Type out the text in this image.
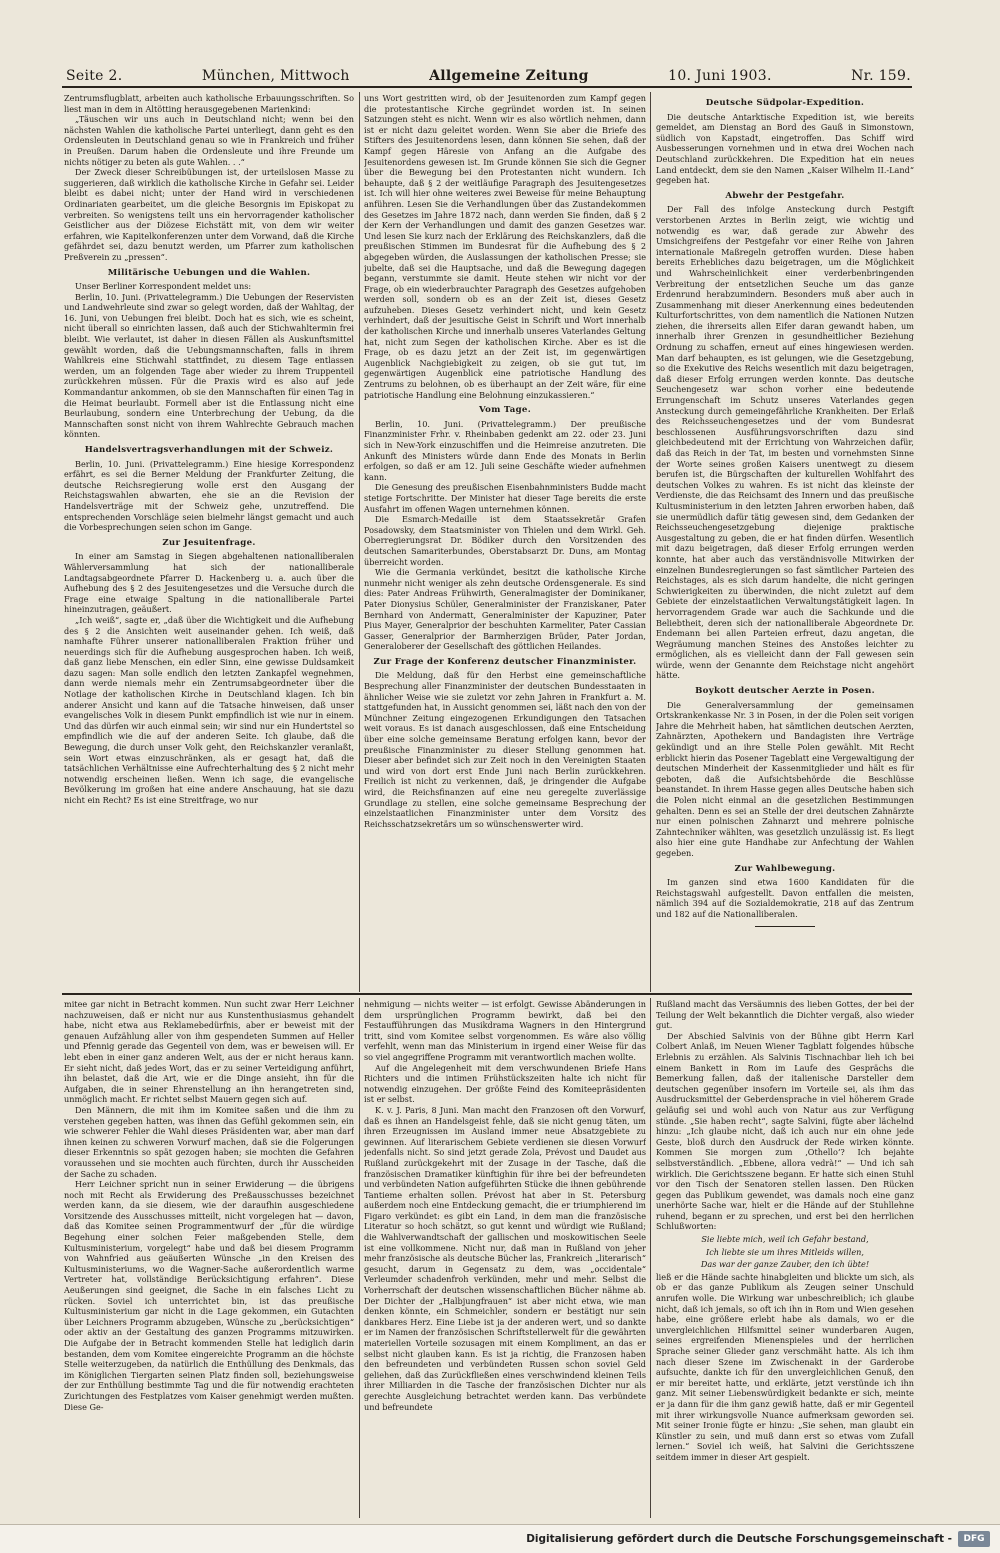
Seite 2.	München, Mittwoch	Allgemeine Zeitung	10. Juni 1903.	Nr. 159.

Zentrumsflugblatt, arbeiten auch katholische Erbauungsschriften. So liest man in dem in Altötting herausgegebenen Marienkind:

„Täuschen wir uns auch in Deutschland nicht; wenn bei den nächsten Wahlen die katholische Partei unterliegt, dann geht es den Ordensleuten in Deutschland genau so wie in Frankreich und früher in Preußen. Darum haben die Ordensleute und ihre Freunde um nichts nötiger zu beten als gute Wahlen. . .“

Der Zweck dieser Schreibübungen ist, der urteilslosen Masse zu suggerieren, daß wirklich die katholische Kirche in Gefahr sei. Leider bleibt es dabei nicht; unter der Hand wird in verschiedenen Ordinariaten gearbeitet, um die gleiche Besorgnis im Episkopat zu verbreiten. So wenigstens teilt uns ein hervorragender katholischer Geistlicher aus der Diözese Eichstätt mit, von dem wir weiter erfahren, wie Kapitelkonferenzen unter dem Vorwand, daß die Kirche gefährdet sei, dazu benutzt werden, um Pfarrer zum katholischen Preßverein zu „pressen“.

Militärische Uebungen und die Wahlen.

Unser Berliner Korrespondent meldet uns:

Berlin, 10. Juni. (Privattelegramm.) Die Uebungen der Reservisten und Landwehrleute sind zwar so gelegt worden, daß der Wahltag, der 16. Juni, von Uebungen frei bleibt. Doch hat es sich, wie es scheint, nicht überall so einrichten lassen, daß auch der Stichwahltermin frei bleibt. Wie verlautet, ist daher in diesen Fällen als Auskunftsmittel gewählt worden, daß die Uebungsmannschaften, falls in ihrem Wahlkreis eine Stichwahl stattfindet, zu diesem Tage entlassen werden, um an folgenden Tage aber wieder zu ihrem Truppenteil zurückkehren müssen. Für die Praxis wird es also auf jede Kommandantur ankommen, ob sie den Mannschaften für einen Tag in die Heimat beurlaubt. Formell aber ist die Entlassung nicht eine Beurlaubung, sondern eine Unterbrechung der Uebung, da die Mannschaften sonst nicht von ihrem Wahlrechte Gebrauch machen könnten.

Handelsvertragsverhandlungen mit der Schweiz.

Berlin, 10. Juni. (Privattelegramm.) Eine hiesige Korrespondenz erfährt, es sei die Berner Meldung der Frankfurter Zeitung, die deutsche Reichsregierung wolle erst den Ausgang der Reichstagswahlen abwarten, ehe sie an die Revision der Handelsverträge mit der Schweiz gehe, unzutreffend. Die entsprechenden Vorschläge seien bielmehr längst gemacht und auch die Vorbesprechungen seien schon im Gange.

Zur Jesuitenfrage.

In einer am Samstag in Siegen abgehaltenen nationalliberalen Wählerversammlung hat sich der nationalliberale Landtagsabgeordnete Pfarrer D. Hackenberg u. a. auch über die Aufhebung des § 2 des Jesuitengesetzes und die Versuche durch die Frage eine etwaige Spaltung in die nationalliberale Partei hineinzutragen, geäußert.

„Ich weiß“, sagte er, „daß über die Wichtigkeit und die Aufhebung des § 2 die Ansichten weit auseinander gehen. Ich weiß, daß namhafte Führer unserer nationalliberalen Fraktion früher und neuerdings sich für die Aufhebung ausgesprochen haben. Ich weiß, daß ganz liebe Menschen, ein edler Sinn, eine gewisse Duldsamkeit dazu sagen: Man solle endlich den letzten Zankapfel wegnehmen, dann werde niemals mehr ein Zentrumsabgeordneter über die Notlage der katholischen Kirche in Deutschland klagen. Ich bin anderer Ansicht und kann auf die Tatsache hinweisen, daß unser evangelisches Volk in diesem Punkt empfindlich ist wie nur in einem. Und das dürfen wir auch einmal sein; wir sind nur ein Hundertstel so empfindlich wie die auf der anderen Seite. Ich glaube, daß die Bewegung, die durch unser Volk geht, den Reichskanzler veranlaßt, sein Wort etwas einzuschränken, als er gesagt hat, daß die tatsächlichen Verhältnisse eine Aufrechterhaltung des § 2 nicht mehr notwendig erscheinen ließen. Wenn ich sage, die evangelische Bevölkerung im großen hat eine andere Anschauung, hat sie dazu nicht ein Recht? Es ist eine Streitfrage, wo nur

uns Wort gestritten wird, ob der Jesuitenorden zum Kampf gegen die protestantische Kirche gegründet worden ist. In seinen Satzungen steht es nicht. Wenn wir es also wörtlich nehmen, dann ist er nicht dazu geleitet worden. Wenn Sie aber die Briefe des Stifters des Jesuitenordens lesen, dann können Sie sehen, daß der Kampf gegen Häresie von Anfang an die Aufgabe des Jesuitenordens gewesen ist. Im Grunde können Sie sich die Gegner über die Bewegung bei den Protestanten nicht wundern. Ich behaupte, daß § 2 der weitläufige Paragraph des Jesuitengesetzes ist. Ich will hier ohne weiteres zwei Beweise für meine Behauptung anführen. Lesen Sie die Verhandlungen über das Zustandekommen des Gesetzes im Jahre 1872 nach, dann werden Sie finden, daß § 2 der Kern der Verhandlungen und damit des ganzen Gesetzes war. Und lesen Sie kurz nach der Erklärung des Reichskanzlers, daß die preußischen Stimmen im Bundesrat für die Aufhebung des § 2 abgegeben würden, die Auslassungen der katholischen Presse; sie jubelte, daß sei die Hauptsache, und daß die Bewegung dagegen begann, verstummte sie damit. Heute stehen wir nicht vor der Frage, ob ein wiederbrauchter Paragraph des Gesetzes aufgehoben werden soll, sondern ob es an der Zeit ist, dieses Gesetz aufzuheben. Dieses Gesetz verhindert nicht, und kein Gesetz verhindert, daß der jesuitische Geist in Schrift und Wort innerhalb der katholischen Kirche und innerhalb unseres Vaterlandes Geltung hat, nicht zum Segen der katholischen Kirche. Aber es ist die Frage, ob es dazu jetzt an der Zeit ist, im gegenwärtigen Augenblick Nachgiebigkeit zu zeigen, ob sie gut tut, im gegenwärtigen Augenblick eine patriotische Handlung des Zentrums zu belohnen, ob es überhaupt an der Zeit wäre, für eine patriotische Handlung eine Belohnung einzukassieren.“

Vom Tage.

Berlin, 10. Juni. (Privattelegramm.) Der preußische Finanzminister Frhr. v. Rheinbaben gedenkt am 22. oder 23. Juni sich in New-York einzuschiffen und die Heimreise anzutreten. Die Ankunft des Ministers würde dann Ende des Monats in Berlin erfolgen, so daß er am 12. Juli seine Geschäfte wieder aufnehmen kann.

Die Genesung des preußischen Eisenbahnministers Budde macht stetige Fortschritte. Der Minister hat dieser Tage bereits die erste Ausfahrt im offenen Wagen unternehmen können.

Die Esmarch-Medaille ist dem Staatssekretär Grafen Posadowsky, dem Staatsminister von Thielen und dem Wirkl. Geh. Oberregierungsrat Dr. Bödiker durch den Vorsitzenden des deutschen Samariterbundes, Oberstabsarzt Dr. Duns, am Montag überreicht worden.

Wie die Germania verkündet, besitzt die katholische Kirche nunmehr nicht weniger als zehn deutsche Ordensgenerale. Es sind dies: Pater Andreas Frühwirth, Generalmagister der Dominikaner, Pater Dionysius Schüler, Generalminister der Franziskaner, Pater Bernhard von Andermatt, Generalminister der Kapuziner, Pater Pius Mayer, Generalprior der beschuhten Karmeliter, Pater Cassian Gasser, Generalprior der Barmherzigen Brüder, Pater Jordan, Generaloberer der Gesellschaft des göttlichen Heilandes.

Zur Frage der Konferenz deutscher Finanzminister.

Die Meldung, daß für den Herbst eine gemeinschaftliche Besprechung aller Finanzminister der deutschen Bundesstaaten in ähnlicher Weise wie sie zuletzt vor zehn Jahren in Frankfurt a. M. stattgefunden hat, in Aussicht genommen sei, läßt nach den von der Münchner Zeitung eingezogenen Erkundigungen den Tatsachen weit voraus. Es ist danach ausgeschlossen, daß eine Entscheidung über eine solche gemeinsame Beratung erfolgen kann, bevor der preußische Finanzminister zu dieser Stellung genommen hat. Dieser aber befindet sich zur Zeit noch in den Vereinigten Staaten und wird von dort erst Ende Juni nach Berlin zurückkehren. Freilich ist nicht zu verkennen, daß, je dringender die Aufgabe wird, die Reichsfinanzen auf eine neu geregelte zuverlässige Grundlage zu stellen, eine solche gemeinsame Besprechung der einzelstaatlichen Finanzminister unter dem Vorsitz des Reichsschatzsekretärs um so wünschenswerter wird.

Deutsche Südpolar-Expedition.

Die deutsche Antarktische Expedition ist, wie bereits gemeldet, am Dienstag an Bord des Gauß in Simonstown, südlich von Kapstadt, eingetroffen. Das Schiff wird Ausbesserungen vornehmen und in etwa drei Wochen nach Deutschland zurückkehren. Die Expedition hat ein neues Land entdeckt, dem sie den Namen „Kaiser Wilhelm II.-Land“ gegeben hat.

Abwehr der Pestgefahr.

Der Fall des infolge Ansteckung durch Pestgift verstorbenen Arztes in Berlin zeigt, wie wichtig und notwendig es war, daß gerade zur Abwehr des Umsichgreifens der Pestgefahr vor einer Reihe von Jahren internationale Maßregeln getroffen wurden. Diese haben bereits Erhebliches dazu beigetragen, um die Möglichkeit und Wahrscheinlichkeit einer verderbenbringenden Verbreitung der entsetzlichen Seuche um das ganze Erdenrund herabzumindern. Besonders muß aber auch in Zusammenhang mit dieser Anerkennung eines bedeutenden Kulturfortschrittes, von dem namentlich die Nationen Nutzen ziehen, die ihrerseits allen Eifer daran gewandt haben, um innerhalb ihrer Grenzen in gesundheitlicher Beziehung Ordnung zu schaffen, erneut auf eines hingewiesen werden. Man darf behaupten, es ist gelungen, wie die Gesetzgebung, so die Exekutive des Reichs wesentlich mit dazu beigetragen, daß dieser Erfolg errungen werden konnte. Das deutsche Seuchengesetz war schon vorher eine bedeutende Errungenschaft im Schutz unseres Vaterlandes gegen Ansteckung durch gemeingefährliche Krankheiten. Der Erlaß des Reichsseuchengesetzes und der vom Bundesrat beschlossenen Ausführungsvorschriften dazu sind gleichbedeutend mit der Errichtung von Wahrzeichen dafür, daß das Reich in der Tat, im besten und vornehmsten Sinne der Worte seines großen Kaisers unentwegt zu diesem berufen ist, die Bürgschaften der kulturellen Wohlfahrt des deutschen Volkes zu wahren. Es ist nicht das kleinste der Verdienste, die das Reichsamt des Innern und das preußische Kultusministerium in den letzten Jahren erworben haben, daß sie unermüdlich dafür tätig gewesen sind, dem Gedanken der Reichsseuchengesetzgebung diejenige praktische Ausgestaltung zu geben, die er hat finden dürfen. Wesentlich mit dazu beigetragen, daß dieser Erfolg errungen werden konnte, hat aber auch das verständnisvolle Mitwirken der einzelnen Bundesregierungen so fast sämtlicher Parteien des Reichstages, als es sich darum handelte, die nicht geringen Schwierigkeiten zu überwinden, die nicht zuletzt auf dem Gebiete der einzelstaatlichen Verwaltungstätigkeit lagen. In hervorragendem Grade war auch die Sachkunde und die Beliebtheit, deren sich der nationalliberale Abgeordnete Dr. Endemann bei allen Parteien erfreut, dazu angetan, die Wegräumung manchen Steines des Anstoßes leichter zu ermöglichen, als es vielleicht dann der Fall gewesen sein würde, wenn der Genannte dem Reichstage nicht angehört hätte.

Boykott deutscher Aerzte in Posen.

Die Generalversammlung der gemeinsamen Ortskrankenkasse Nr. 3 in Posen, in der die Polen seit vorigen Jahre die Mehrheit haben, hat sämtlichen deutschen Aerzten, Zahnärzten, Apothekern und Bandagisten ihre Verträge gekündigt und an ihre Stelle Polen gewählt. Mit Recht erblickt hierin das Posener Tageblatt eine Vergewaltigung der deutschen Minderheit der Kassenmitglieder und hält es für geboten, daß die Aufsichtsbehörde die Beschlüsse beanstandet. In ihrem Hasse gegen alles Deutsche haben sich die Polen nicht einmal an die gesetzlichen Bestimmungen gehalten. Denn es sei an Stelle der drei deutschen Zahnärzte nur einen polnischen Zahnarzt und mehrere polnische Zahntechniker wählten, was gesetzlich unzulässig ist. Es liegt also hier eine gute Handhabe zur Anfechtung der Wahlen gegeben.

Zur Wahlbewegung.

Im ganzen sind etwa 1600 Kandidaten für die Reichstagswahl aufgestellt. Davon entfallen die meisten, nämlich 394 auf die Sozialdemokratie, 218 auf das Zentrum und 182 auf die Nationalliberalen.

mitee gar nicht in Betracht kommen. Nun sucht zwar Herr Leichner nachzuweisen, daß er nicht nur aus Kunstenthusiasmus gehandelt habe, nicht etwa aus Reklamebedürfnis, aber er beweist mit der genauen Aufzählung aller von ihm gespendeten Summen auf Heller und Pfennig gerade das Gegenteil von dem, was er beweisen will. Er lebt eben in einer ganz anderen Welt, aus der er nicht heraus kann. Er sieht nicht, daß jedes Wort, das er zu seiner Verteidigung anführt, ihn belastet, daß die Art, wie er die Dinge ansieht, ihn für die Aufgaben, die in seiner Ehrenstellung an ihn herangetreten sind, unmöglich macht. Er richtet selbst Mauern gegen sich auf.

Den Männern, die mit ihm im Komitee saßen und die ihm zu verstehen gegeben hatten, was ihnen das Gefühl gekommen sein, ein wie schwerer Fehler die Wahl dieses Präsidenten war, aber man darf ihnen keinen zu schweren Vorwurf machen, daß sie die Folgerungen dieser Erkenntnis so spät gezogen haben; sie mochten die Gefahren voraussehen und sie mochten auch fürchten, durch ihr Ausscheiden der Sache zu schaden.

Herr Leichner spricht nun in seiner Erwiderung — die übrigens noch mit Recht als Erwiderung des Preßausschusses bezeichnet werden kann, da sie diesem, wie der daraufhin ausgeschiedene Vorsitzende des Ausschusses mitteilt, nicht vorgelegen hat — davon, daß das Komitee seinen Programmentwurf der „für die würdige Begehung einer solchen Feier maßgebenden Stelle, dem Kultusministerium, vorgelegt“ habe und daß bei diesem Programm von Wahnfried aus geäußerten Wünsche „in den Kreisen des Kultusministeriums, wo die Wagner-Sache außerordentlich warme Vertreter hat, vollständige Berücksichtigung erfahren“. Diese Aeußerungen sind geeignet, die Sache in ein falsches Licht zu rücken. Soviel ich unterrichtet bin, ist das preußische Kultusministerium gar nicht in die Lage gekommen, ein Gutachten über Leichners Programm abzugeben, Wünsche zu „berücksichtigen“ oder aktiv an der Gestaltung des ganzen Programms mitzuwirken. Die Aufgabe der in Betracht kommenden Stelle hat lediglich darin bestanden, dem vom Komitee eingereichte Programm an die höchste Stelle weiterzugeben, da natürlich die Enthüllung des Denkmals, das im Königlichen Tiergarten seinen Platz finden soll, beziehungsweise der zur Enthüllung bestimmte Tag und die für notwendig erachteten Zurichtungen des Festplatzes vom Kaiser genehmigt werden mußten. Diese Ge-

nehmigung — nichts weiter — ist erfolgt. Gewisse Abänderungen in dem ursprünglichen Programm bewirkt, daß bei den Festaufführungen das Musikdrama Wagners in den Hintergrund tritt, sind vom Komitee selbst vorgenommen. Es wäre also völlig verfehlt, wenn man das Ministerium in irgend einer Weise für das so viel angegriffene Programm mit verantwortlich machen wollte.

Auf die Angelegenheit mit dem verschwundenen Briefe Hans Richters und die intimen Frühstückszeiten halte ich nicht für notwendig einzugehen. Der größte Feind des Komiteepräsidenten ist er selbst.

K. v. J. Paris, 8 Juni. Man macht den Franzosen oft den Vorwurf, daß es ihnen an Handelsgeist fehle, daß sie nicht genug täten, um ihren Erzeugnissen im Ausland immer neue Absatzgebiete zu gewinnen. Auf literarischem Gebiete verdienen sie diesen Vorwurf jedenfalls nicht. So sind jetzt gerade Zola, Prévost und Daudet aus Rußland zurückgekehrt mit der Zusage in der Tasche, daß die französischen Dramatiker künftighin für ihre bei der befreundeten und verbündeten Nation aufgeführten Stücke die ihnen gebührende Tantieme erhalten sollen. Prévost hat aber in St. Petersburg außerdem noch eine Entdeckung gemacht, die er triumphierend im Figaro verkündet: es gibt ein Land, in dem man die französische Literatur so hoch schätzt, so gut kennt und würdigt wie Rußland; die Wahlverwandtschaft der gallischen und moskowitischen Seele ist eine vollkommene. Nicht nur, daß man in Rußland von jeher mehr französische als deutsche Bücher las, Frankreich „literarisch“ gesucht, darum in Gegensatz zu dem, was „occidentale“ Verleumder schadenfroh verkünden, mehr und mehr. Selbst die Vorherrschaft der deutschen wissenschaftlichen Bücher nähme ab. Der Dichter der „Halbjungfrauen“ ist aber nicht etwa, wie man denken könnte, ein Schmeichler, sondern er bestätigt nur sein dankbares Herz. Eine Liebe ist ja der anderen wert, und so dankte er im Namen der französischen Schriftstellerwelt für die gewährten materiellen Vorteile sozusagen mit einem Kompliment, an das er selbst nicht glauben kann. Es ist ja richtig, die Franzosen haben den befreundeten und verbündeten Russen schon soviel Geld geliehen, daß das Zurückfließen eines verschwindend kleinen Teils ihrer Milliarden in die Tasche der französischen Dichter nur als gerechte Ausgleichung betrachtet werden kann. Das verbündete und befreundete

Rußland macht das Versäumnis des lieben Gottes, der bei der Teilung der Welt bekanntlich die Dichter vergaß, also wieder gut.

Der Abschied Salvinis von der Bühne gibt Herrn Karl Colbert Anlaß, im Neuen Wiener Tagblatt folgendes hübsche Erlebnis zu erzählen. Als Salvinis Tischnachbar lieh ich bei einem Bankett in Rom im Laufe des Gesprächs die Bemerkung fallen, daß der italienische Darsteller dem deutschen gegenüber insofern im Vorteile sei, als ihm das Ausdrucksmittel der Geberdensprache in viel höherem Grade geläufig sei und wohl auch von Natur aus zur Verfügung stünde. „Sie haben recht“, sagte Salvini, fügte aber lächelnd hinzu: „Ich glaube nicht, daß ich auch nur ein ohne jede Geste, bloß durch den Ausdruck der Rede wirken könnte. Kommen Sie morgen zum ‚Othello‘? Ich bejahte selbstverständlich. „Ebbene, allora vedrà!“ — Und ich sah wirklich. Die Gerichtsszene begann. Er hatte sich einen Stuhl vor den Tisch der Senatoren stellen lassen. Den Rücken gegen das Publikum gewendet, was damals noch eine ganz unerhörte Sache war, hielt er die Hände auf der Stuhllehne ruhend, begann er zu sprechen, und erst bei den herrlichen Schlußworten:

Sie liebte mich, weil ich Gefahr bestand,

Ich liebte sie um ihres Mitleids willen,

Das war der ganze Zauber, den ich übte!

ließ er die Hände sachte hinabgleiten und blickte um sich, als ob er das ganze Publikum als Zeugen seiner Unschuld anrufen wolle. Die Wirkung war unbeschreiblich; ich glaube nicht, daß ich jemals, so oft ich ihn in Rom und Wien gesehen habe, eine größere erlebt habe als damals, wo er die unvergleichlichen Hilfsmittel seiner wunderbaren Augen, seines ergreifenden Mienenspieles und der herrlichen Sprache seiner Glieder ganz verschmäht hatte. Als ich ihm nach dieser Szene im Zwischenakt in der Garderobe aufsuchte, dankte ich für den unvergleichlichen Genuß, den er mir bereitet hatte, und erklärte, jetzt verstünde ich ihn ganz. Mit seiner Liebenswürdigkeit bedankte er sich, meinte er ja dann für die ihm ganz gewiß hatte, daß er mir Gegenteil mit ihrer wirkungsvolle Nuance aufmerksam geworden sei. Mit seiner Ironie fügte er hinzu: „Sie sehen, man glaubt ein Künstler zu sein, und muß dann erst so etwas vom Zufall lernen.“ Soviel ich weiß, hat Salvini die Gerichtsszene seitdem immer in dieser Art gespielt.

Digitalisierung gefördert durch die Deutsche Forschungsgemeinschaft -	DFG
